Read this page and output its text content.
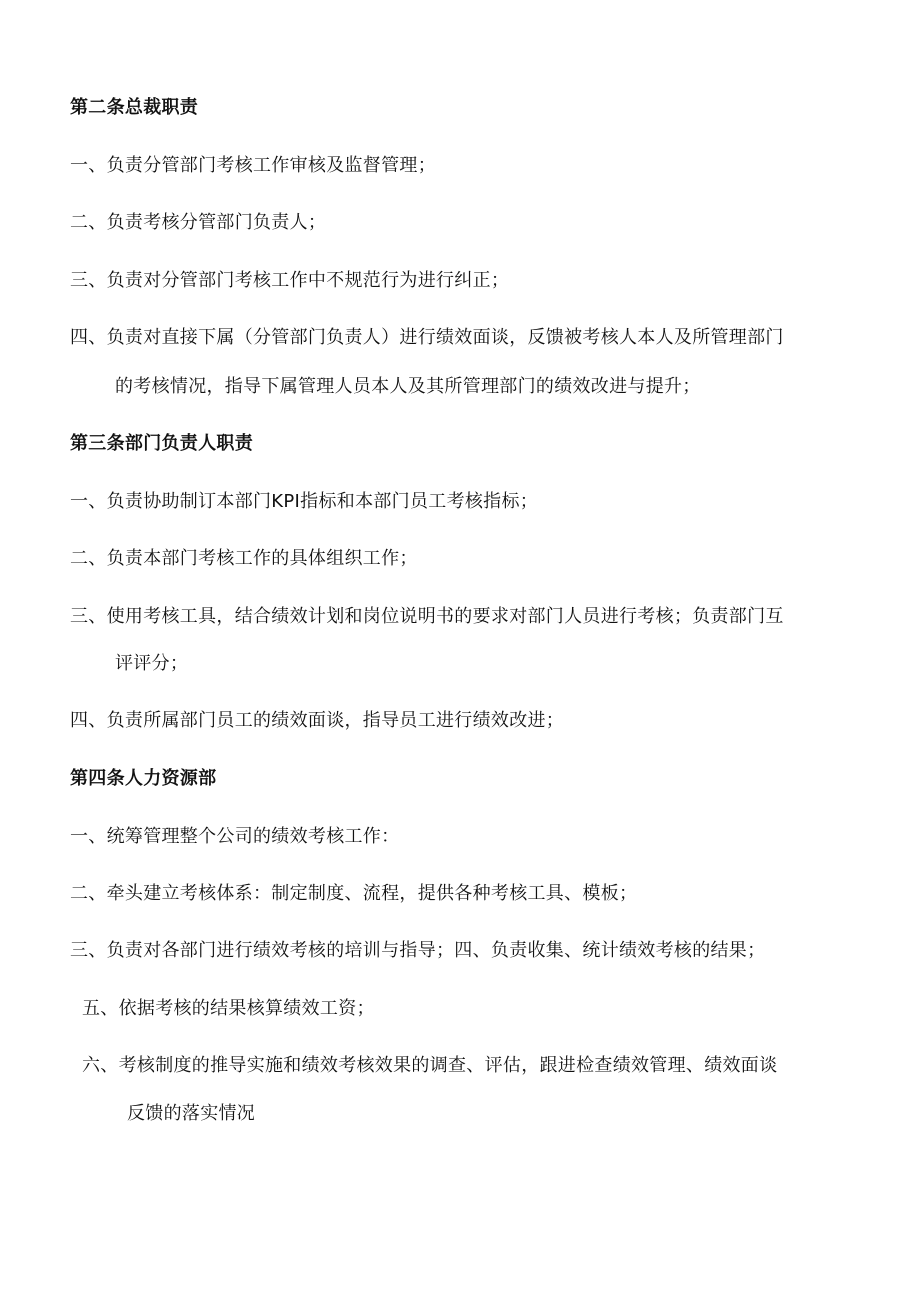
第二条总裁职责
一、负责分管部门考核工作审核及监督管理；
二、负责考核分管部门负责人；
三、负责对分管部门考核工作中不规范行为进行纠正；
四、负责对直接下属（分管部门负责人）进行绩效面谈，反馈被考核人本人及所管理部门
的考核情况，指导下属管理人员本人及其所管理部门的绩效改进与提升；
第三条部门负责人职责
一、负责协助制订本部门KPI指标和本部门员工考核指标；
二、负责本部门考核工作的具体组织工作；
三、使用考核工具，结合绩效计划和岗位说明书的要求对部门人员进行考核；负责部门互
评评分；
四、负责所属部门员工的绩效面谈，指导员工进行绩效改进；
第四条人力资源部
一、统筹管理整个公司的绩效考核工作：
二、牵头建立考核体系：制定制度、流程，提供各种考核工具、模板；
三、负责对各部门进行绩效考核的培训与指导；四、负责收集、统计绩效考核的结果；
五、依据考核的结果核算绩效工资；
六、考核制度的推导实施和绩效考核效果的调查、评估，跟进检查绩效管理、绩效面谈
反馈的落实情况
